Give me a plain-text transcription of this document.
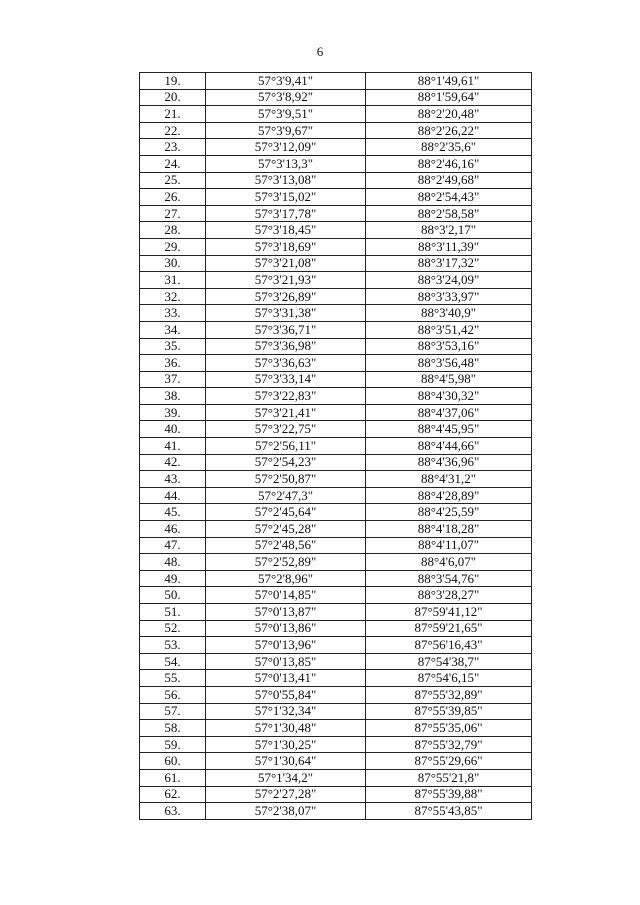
6
19.	57°3'9,41"	88°1'49,61"
20.	57°3'8,92"	88°1'59,64"
21.	57°3'9,51"	88°2'20,48"
22.	57°3'9,67"	88°2'26,22"
23.	57°3'12,09"	88°2'35,6"
24.	57°3'13,3"	88°2'46,16"
25.	57°3'13,08"	88°2'49,68"
26.	57°3'15,02"	88°2'54,43"
27.	57°3'17,78"	88°2'58,58"
28.	57°3'18,45"	88°3'2,17"
29.	57°3'18,69"	88°3'11,39"
30.	57°3'21,08"	88°3'17,32"
31.	57°3'21,93"	88°3'24,09"
32.	57°3'26,89"	88°3'33,97"
33.	57°3'31,38"	88°3'40,9"
34.	57°3'36,71"	88°3'51,42"
35.	57°3'36,98"	88°3'53,16"
36.	57°3'36,63"	88°3'56,48"
37.	57°3'33,14"	88°4'5,98"
38.	57°3'22,83"	88°4'30,32"
39.	57°3'21,41"	88°4'37,06"
40.	57°3'22,75"	88°4'45,95"
41.	57°2'56,11"	88°4'44,66"
42.	57°2'54,23"	88°4'36,96"
43.	57°2'50,87"	88°4'31,2"
44.	57°2'47,3"	88°4'28,89"
45.	57°2'45,64"	88°4'25,59"
46.	57°2'45,28"	88°4'18,28"
47.	57°2'48,56"	88°4'11,07"
48.	57°2'52,89"	88°4'6,07"
49.	57°2'8,96"	88°3'54,76"
50.	57°0'14,85"	88°3'28,27"
51.	57°0'13,87"	87°59'41,12"
52.	57°0'13,86"	87°59'21,65"
53.	57°0'13,96"	87°56'16,43"
54.	57°0'13,85"	87°54'38,7"
55.	57°0'13,41"	87°54'6,15"
56.	57°0'55,84"	87°55'32,89"
57.	57°1'32,34"	87°55'39,85"
58.	57°1'30,48"	87°55'35,06"
59.	57°1'30,25"	87°55'32,79"
60.	57°1'30,64"	87°55'29,66"
61.	57°1'34,2"	87°55'21,8"
62.	57°2'27,28"	87°55'39,88"
63.	57°2'38,07"	87°55'43,85"
